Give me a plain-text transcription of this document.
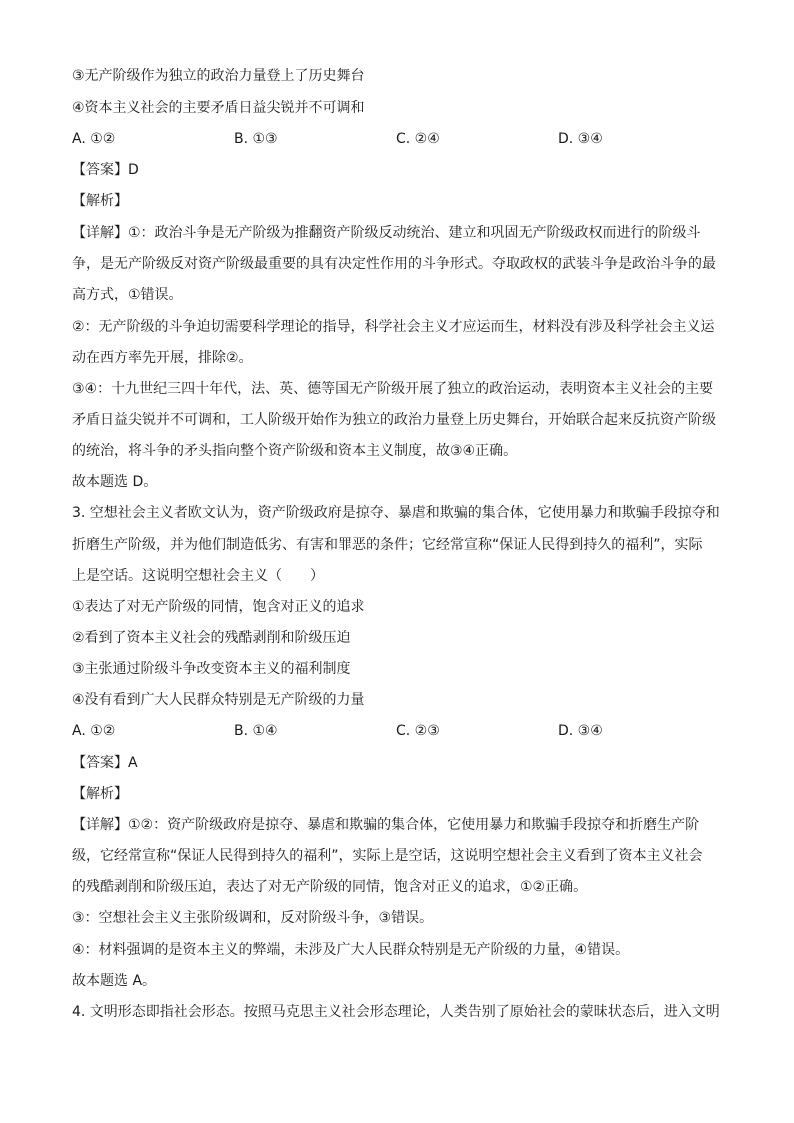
③无产阶级作为独立的政治力量登上了历史舞台
④资本主义社会的主要矛盾日益尖锐并不可调和
A. ①②	B. ①③	C. ②④	D. ③④
【答案】D
【解析】
【详解】①：政治斗争是无产阶级为推翻资产阶级反动统治、建立和巩固无产阶级政权而进行的阶级斗
争，是无产阶级反对资产阶级最重要的具有决定性作用的斗争形式。夺取政权的武装斗争是政治斗争的最
高方式，①错误。
②：无产阶级的斗争迫切需要科学理论的指导，科学社会主义才应运而生，材料没有涉及科学社会主义运
动在西方率先开展，排除②。
③④：十九世纪三四十年代，法、英、德等国无产阶级开展了独立的政治运动，表明资本主义社会的主要
矛盾日益尖锐并不可调和，工人阶级开始作为独立的政治力量登上历史舞台，开始联合起来反抗资产阶级
的统治，将斗争的矛头指向整个资产阶级和资本主义制度，故③④正确。
故本题选 D。
3. 空想社会主义者欧文认为，资产阶级政府是掠夺、暴虐和欺骗的集合体，它使用暴力和欺骗手段掠夺和
折磨生产阶级，并为他们制造低劣、有害和罪恶的条件；它经常宣称“保证人民得到持久的福利”，实际
上是空话。这说明空想社会主义（　　）
①表达了对无产阶级的同情，饱含对正义的追求
②看到了资本主义社会的残酷剥削和阶级压迫
③主张通过阶级斗争改变资本主义的福利制度
④没有看到广大人民群众特别是无产阶级的力量
A. ①②	B. ①④	C. ②③	D. ③④
【答案】A
【解析】
【详解】①②：资产阶级政府是掠夺、暴虐和欺骗的集合体，它使用暴力和欺骗手段掠夺和折磨生产阶
级，它经常宣称“保证人民得到持久的福利”，实际上是空话，这说明空想社会主义看到了资本主义社会
的残酷剥削和阶级压迫，表达了对无产阶级的同情，饱含对正义的追求，①②正确。
③：空想社会主义主张阶级调和，反对阶级斗争，③错误。
④：材料强调的是资本主义的弊端，未涉及广大人民群众特别是无产阶级的力量，④错误。
故本题选 A。
4. 文明形态即指社会形态。按照马克思主义社会形态理论，人类告别了原始社会的蒙昧状态后，进入文明
